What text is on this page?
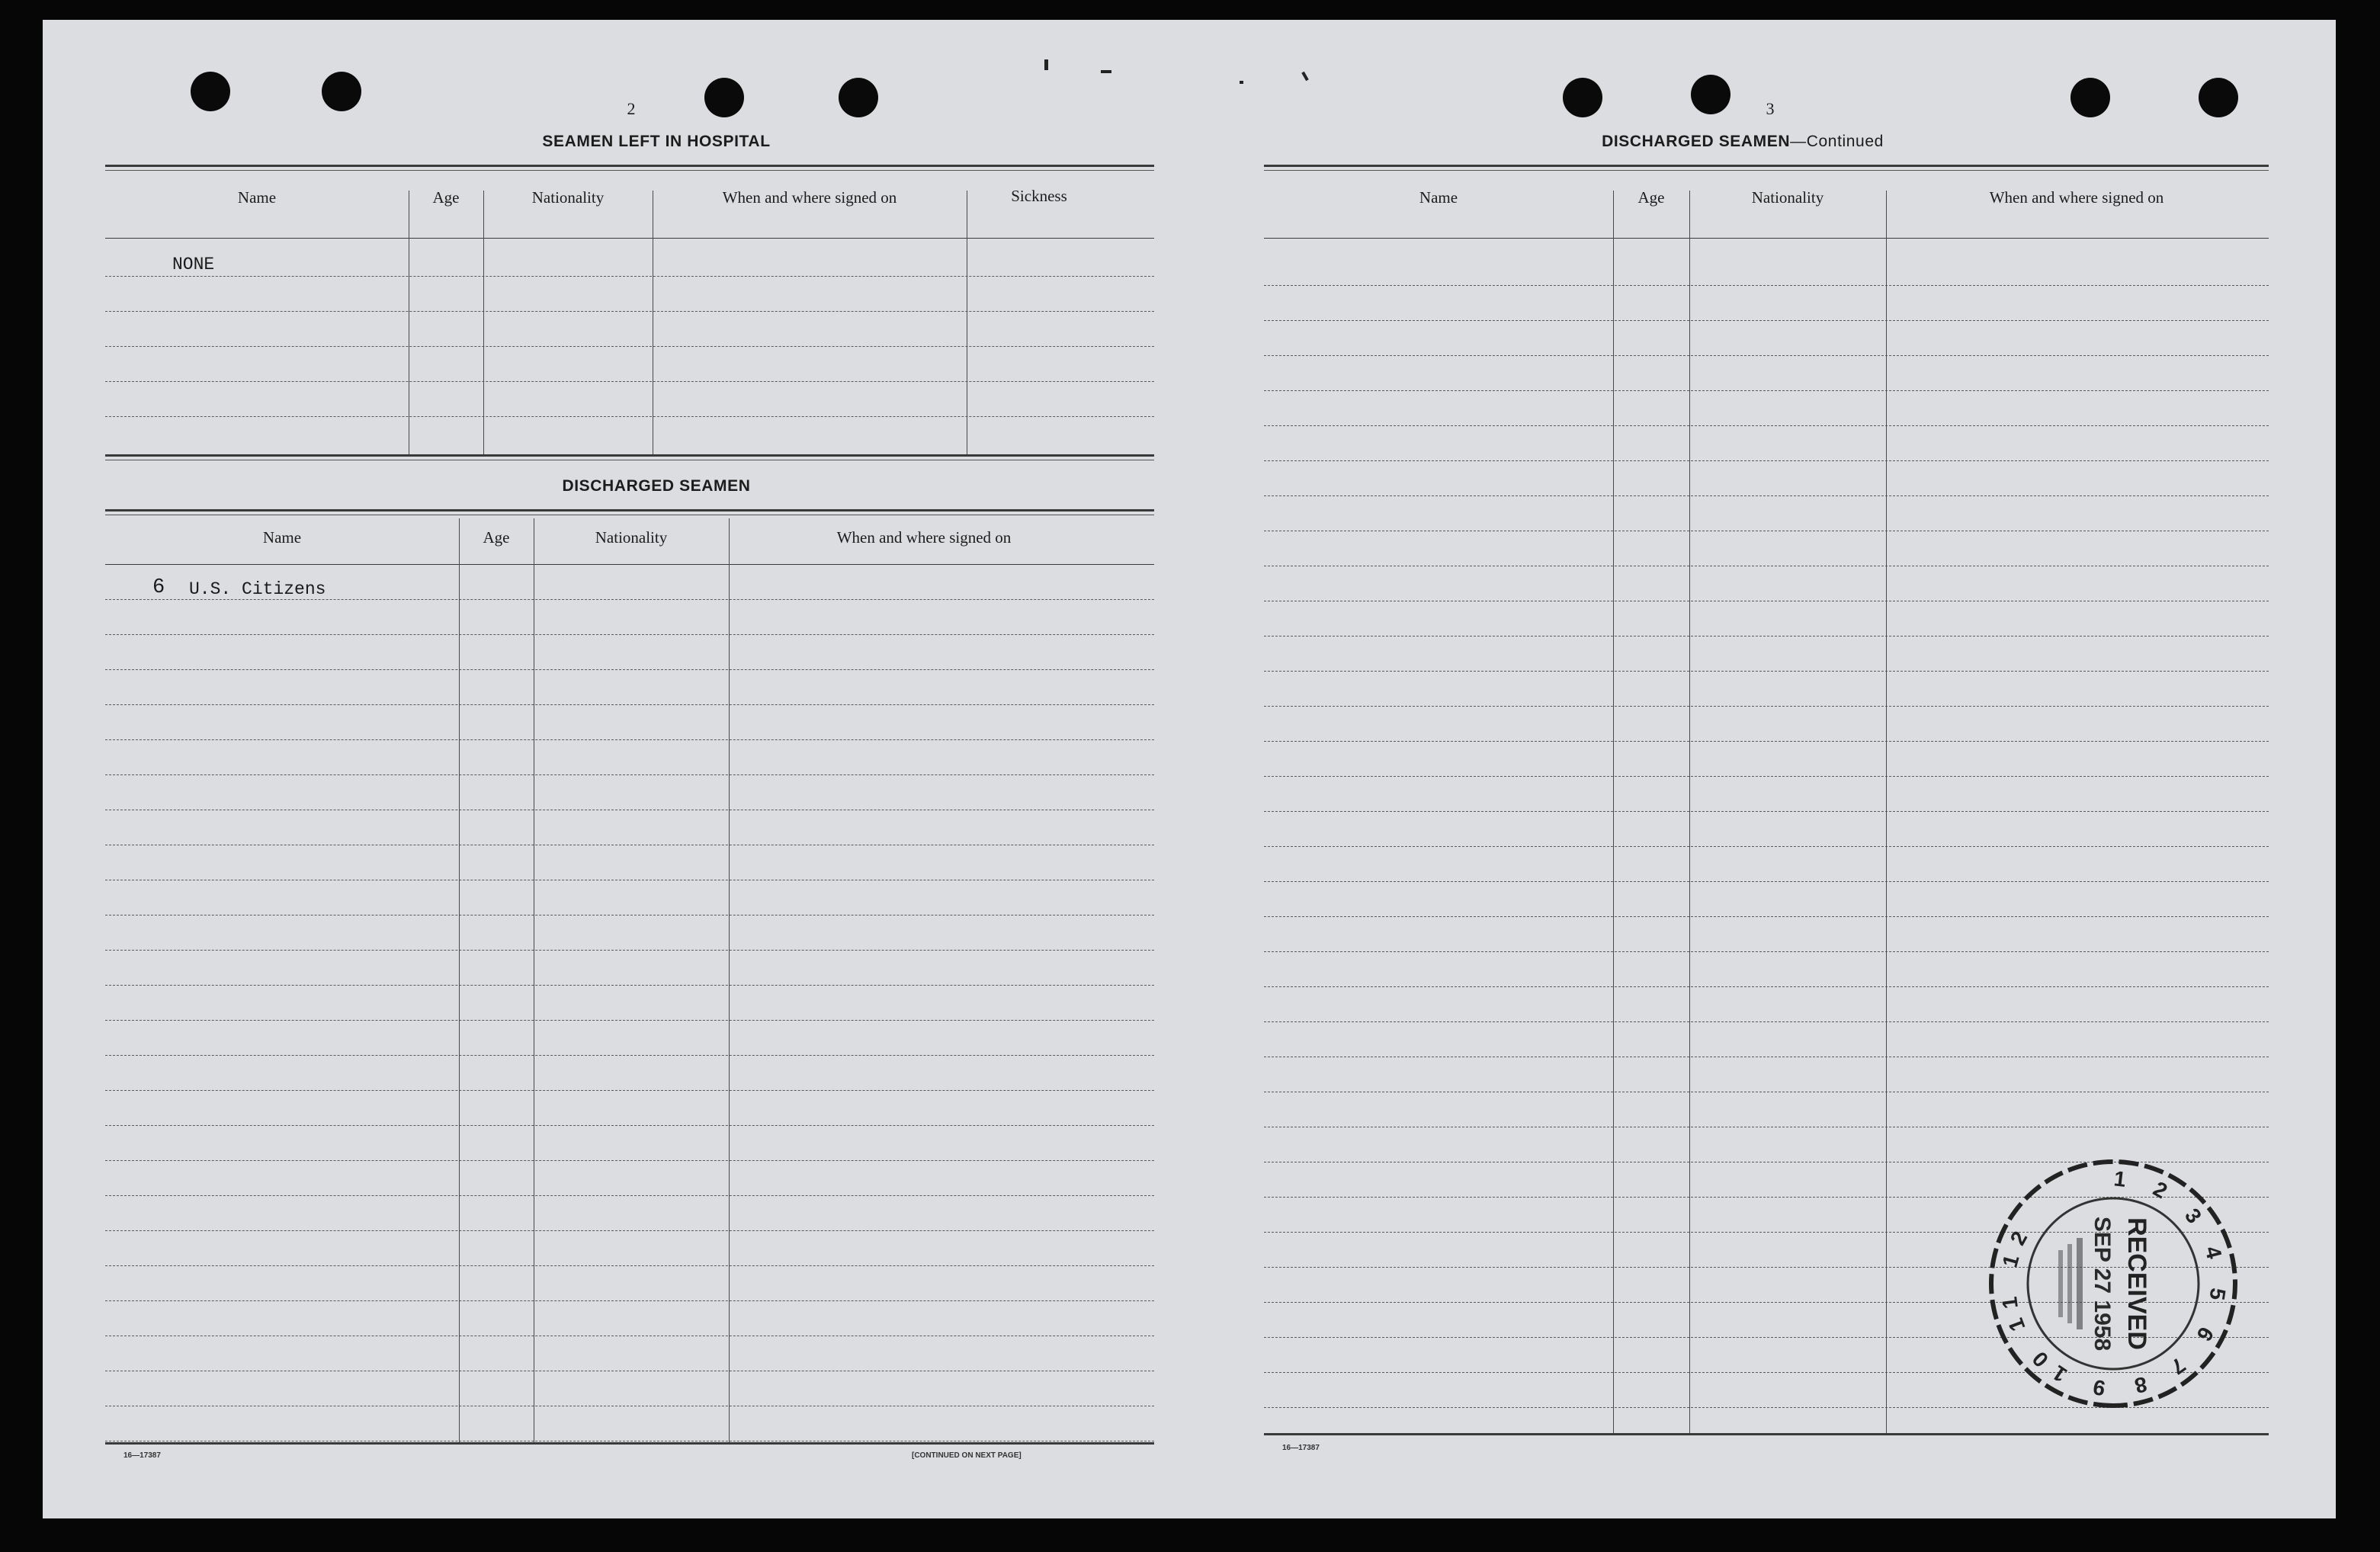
2
SEAMEN LEFT IN HOSPITAL
Name	Age	Nationality	When and where signed on	Sickness
NONE
DISCHARGED SEAMEN
Name	Age	Nationality	When and where signed on
6 U.S. Citizens
16—17387	[CONTINUED ON NEXT PAGE]
3
DISCHARGED SEAMEN—Continued
Name	Age	Nationality	When and where signed on
16—17387
1 2 3 4 5 6 7 8 9 10 11 12	RECEIVED
SEP 27 1958
